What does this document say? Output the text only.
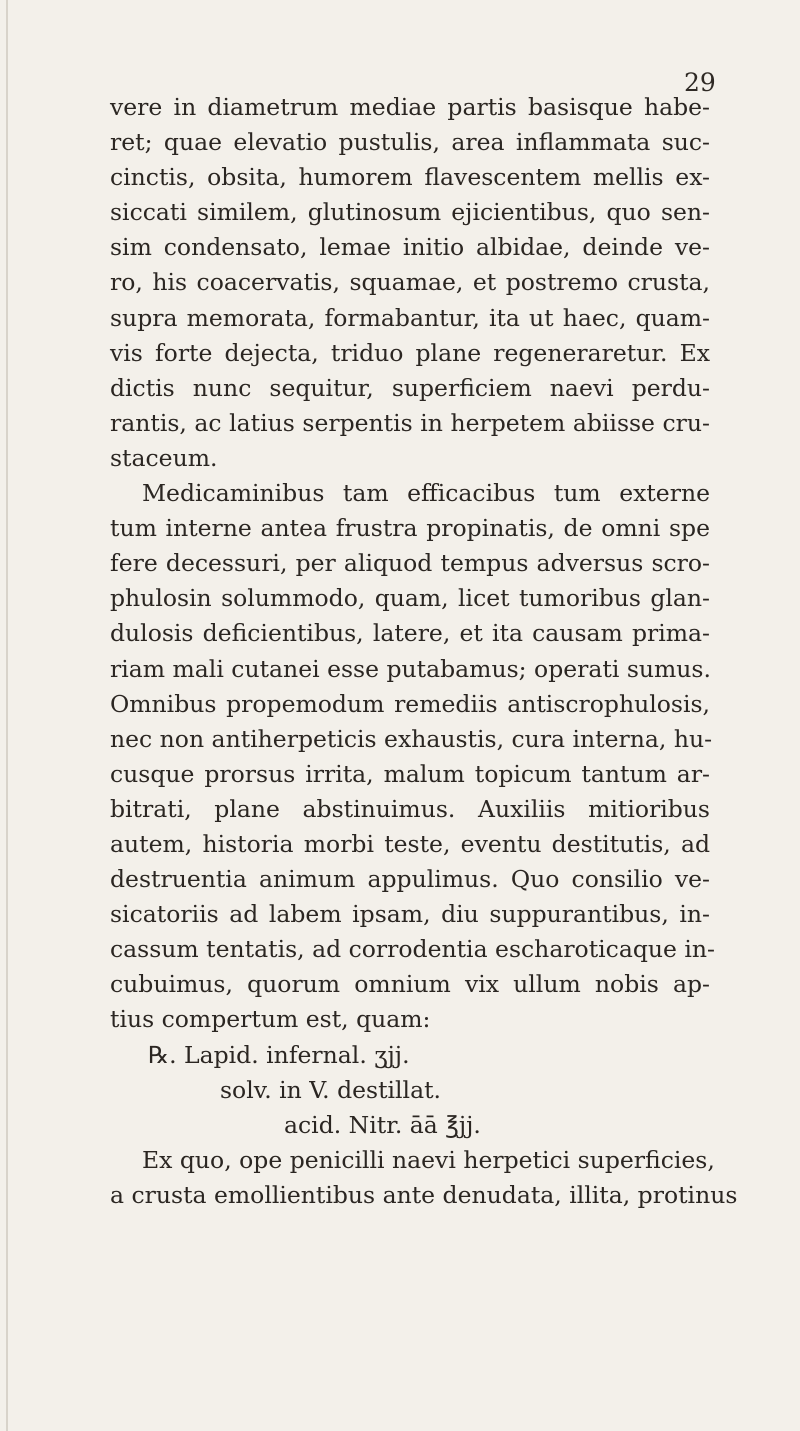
29
vere in diametrum mediae partis basisque habe-
ret; quae elevatio pustulis, area inflammata suc-
cinctis, obsita, humorem flavescentem mellis ex-
siccati similem, glutinosum ejicientibus, quo sen-
sim condensato, lemae initio albidae, deinde ve-
ro, his coacervatis, squamae, et postremo crusta,
supra memorata, formabantur, ita ut haec, quam-
vis forte dejecta, triduo plane regeneraretur. Ex
dictis nunc sequitur, superficiem naevi perdu-
rantis, ac latius serpentis in herpetem abiisse cru-
staceum.
Medicaminibus tam efficacibus tum externe
tum interne antea frustra propinatis, de omni spe
fere decessuri, per aliquod tempus adversus scro-
phulosin solummodo, quam, licet tumoribus glan-
dulosis deficientibus, latere, et ita causam prima-
riam mali cutanei esse putabamus; operati sumus.
Omnibus propemodum remediis antiscrophulosis,
nec non antiherpeticis exhaustis, cura interna, hu-
cusque prorsus irrita, malum topicum tantum ar-
bitrati, plane abstinuimus. Auxiliis mitioribus
autem, historia morbi teste, eventu destitutis, ad
destruentia animum appulimus. Quo consilio ve-
sicatoriis ad labem ipsam, diu suppurantibus, in-
cassum tentatis, ad corrodentia escharoticaque in-
cubuimus, quorum omnium vix ullum nobis ap-
tius compertum est, quam:
℞. Lapid. infernal. ʒjj.
solv. in V. destillat.
acid. Nitr. āā ℥jj.
Ex quo, ope penicilli naevi herpetici superficies,
a crusta emollientibus ante denudata, illita, protinus
